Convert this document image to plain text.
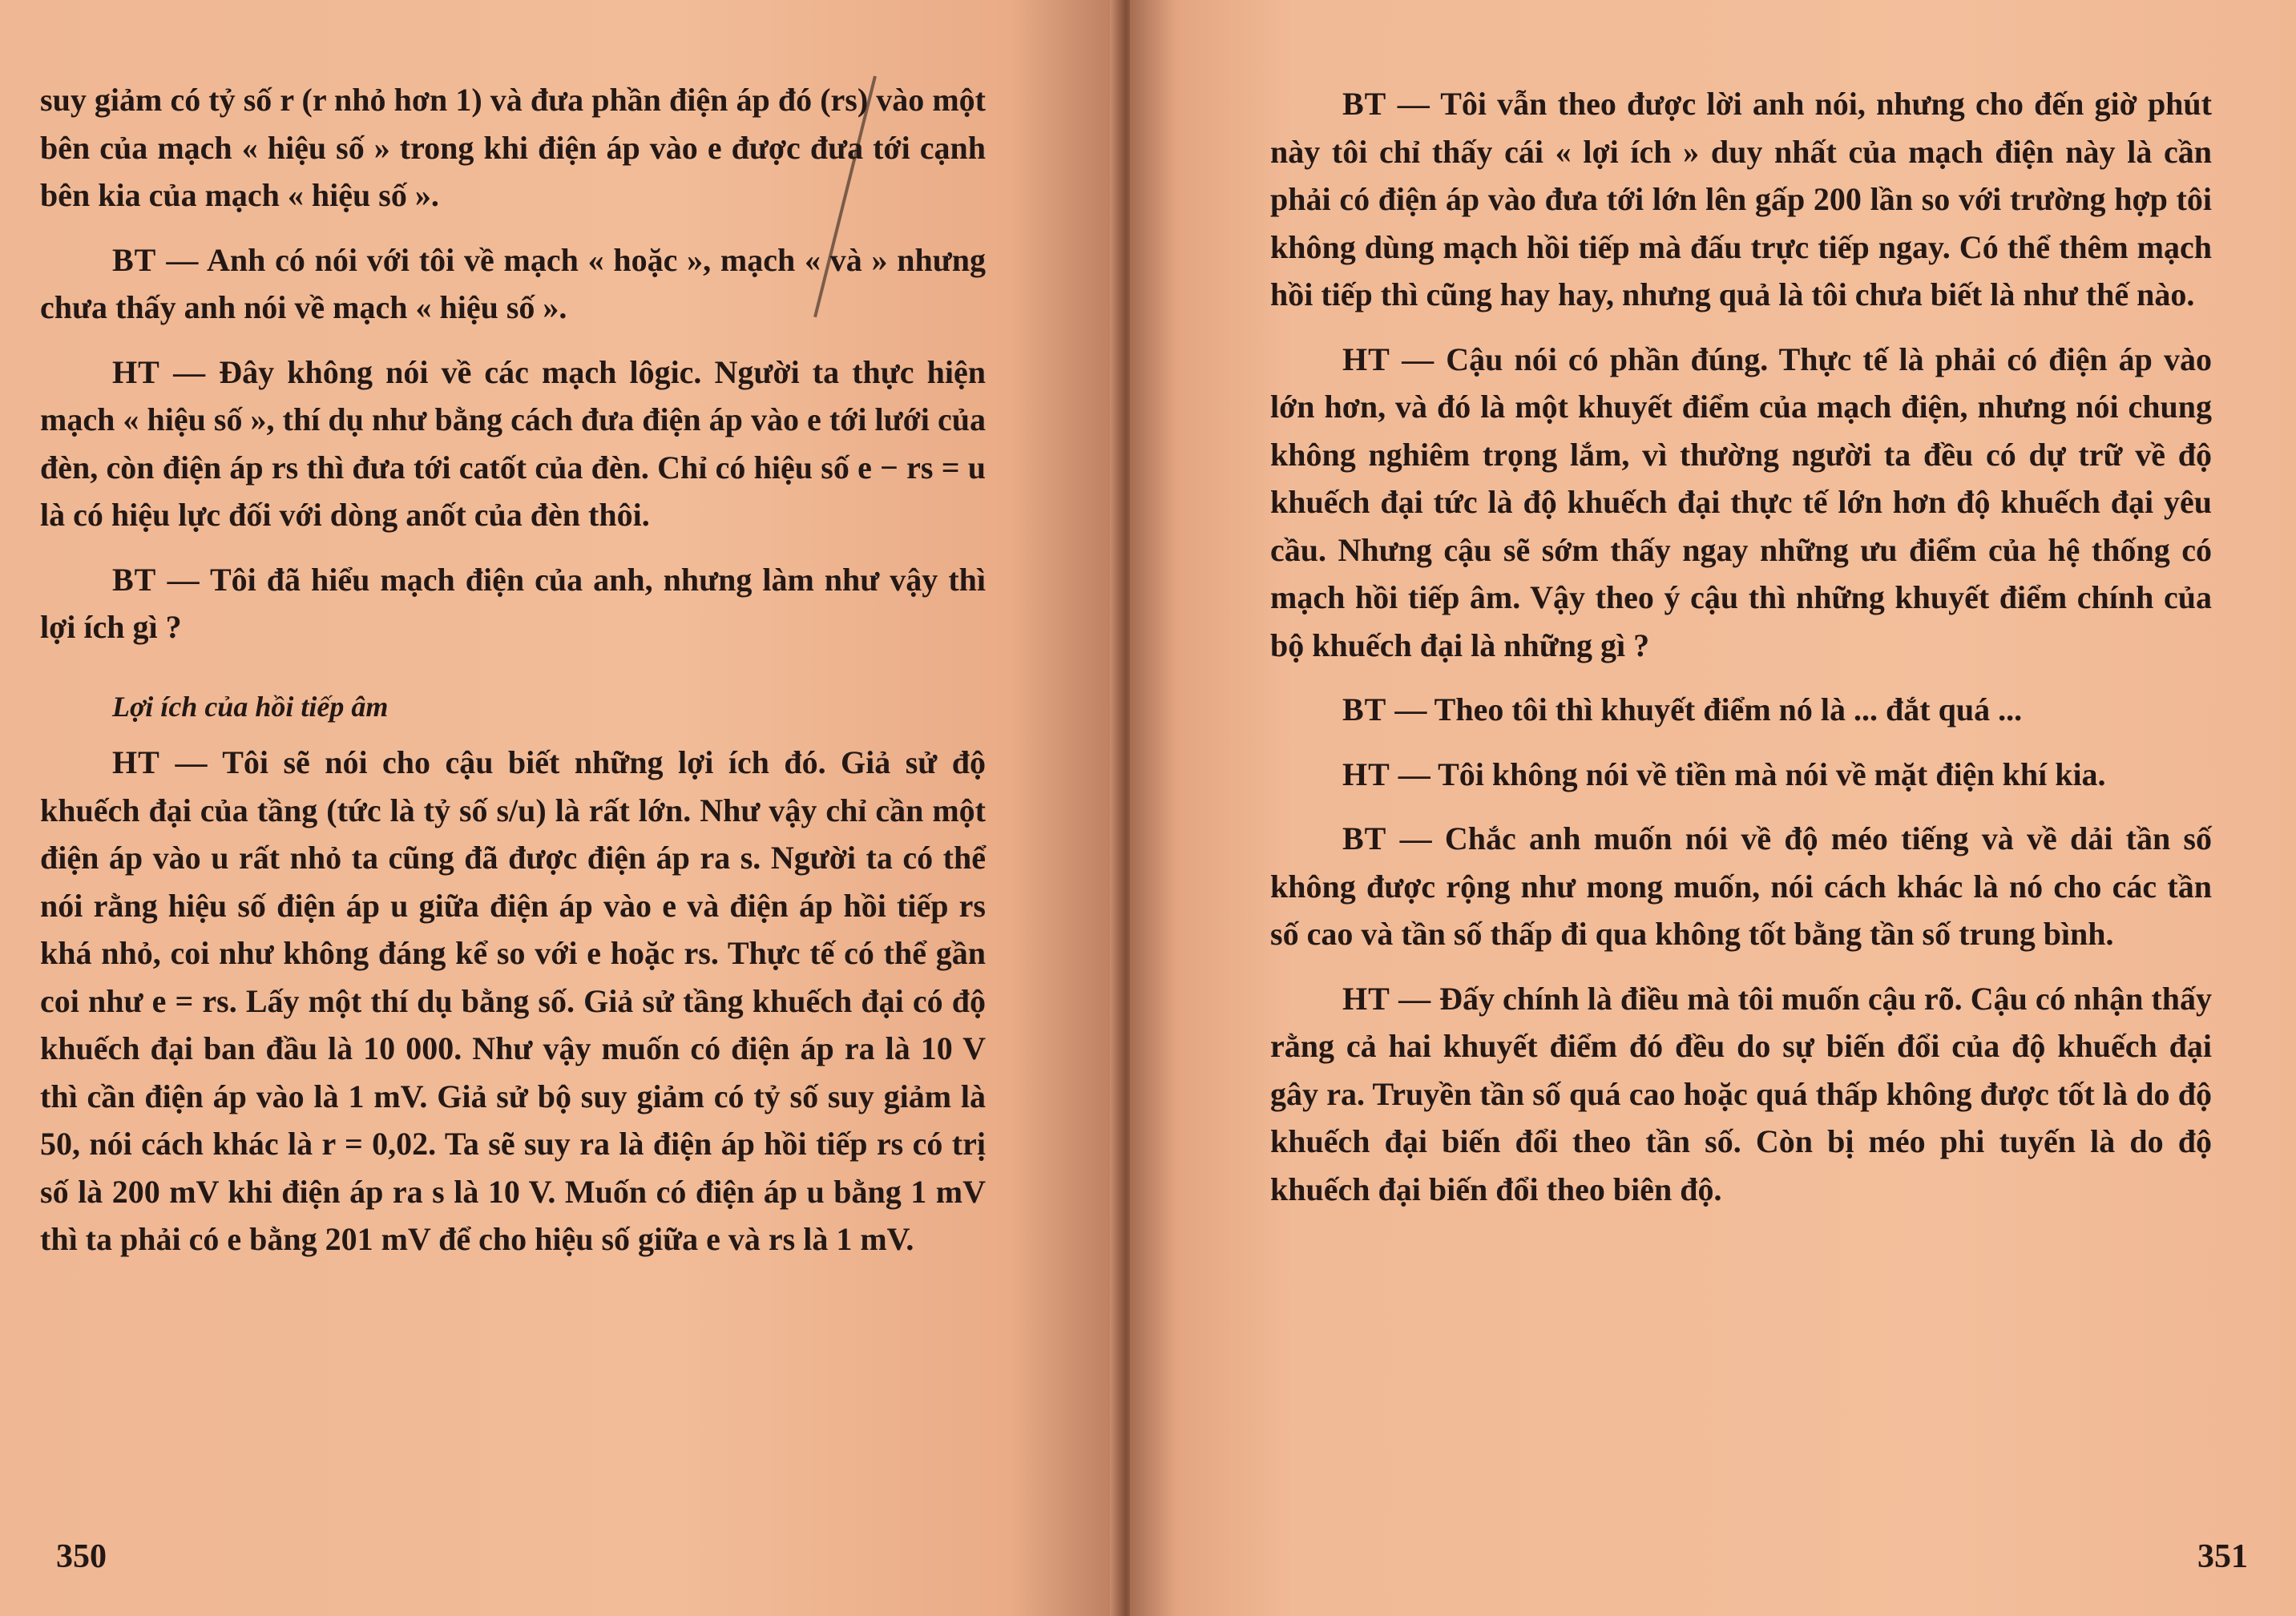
suy giảm có tỷ số r (r nhỏ hơn 1) và đưa phần điện áp đó (rs) vào một bên của mạch « hiệu số » trong khi điện áp vào e được đưa tới cạnh bên kia của mạch « hiệu số ».

BT — Anh có nói với tôi về mạch « hoặc », mạch « và » nhưng chưa thấy anh nói về mạch « hiệu số ».

HT — Đây không nói về các mạch lôgic. Người ta thực hiện mạch « hiệu số », thí dụ như bằng cách đưa điện áp vào e tới lưới của đèn, còn điện áp rs thì đưa tới catốt của đèn. Chỉ có hiệu số e − rs = u là có hiệu lực đối với dòng anốt của đèn thôi.

BT — Tôi đã hiểu mạch điện của anh, nhưng làm như vậy thì lợi ích gì ?

Lợi ích của hồi tiếp âm

HT — Tôi sẽ nói cho cậu biết những lợi ích đó. Giả sử độ khuếch đại của tầng (tức là tỷ số s/u) là rất lớn. Như vậy chỉ cần một điện áp vào u rất nhỏ ta cũng đã được điện áp ra s. Người ta có thể nói rằng hiệu số điện áp u giữa điện áp vào e và điện áp hồi tiếp rs khá nhỏ, coi như không đáng kể so với e hoặc rs. Thực tế có thể gần coi như e = rs. Lấy một thí dụ bằng số. Giả sử tầng khuếch đại có độ khuếch đại ban đầu là 10 000. Như vậy muốn có điện áp ra là 10 V thì cần điện áp vào là 1 mV. Giả sử bộ suy giảm có tỷ số suy giảm là 50, nói cách khác là r = 0,02. Ta sẽ suy ra là điện áp hồi tiếp rs có trị số là 200 mV khi điện áp ra s là 10 V. Muốn có điện áp u bằng 1 mV thì ta phải có e bằng 201 mV để cho hiệu số giữa e và rs là 1 mV.

350

BT — Tôi vẫn theo được lời anh nói, nhưng cho đến giờ phút này tôi chỉ thấy cái « lợi ích » duy nhất của mạch điện này là cần phải có điện áp vào đưa tới lớn lên gấp 200 lần so với trường hợp tôi không dùng mạch hồi tiếp mà đấu trực tiếp ngay. Có thể thêm mạch hồi tiếp thì cũng hay hay, nhưng quả là tôi chưa biết là như thế nào.

HT — Cậu nói có phần đúng. Thực tế là phải có điện áp vào lớn hơn, và đó là một khuyết điểm của mạch điện, nhưng nói chung không nghiêm trọng lắm, vì thường người ta đều có dự trữ về độ khuếch đại tức là độ khuếch đại thực tế lớn hơn độ khuếch đại yêu cầu. Nhưng cậu sẽ sớm thấy ngay những ưu điểm của hệ thống có mạch hồi tiếp âm. Vậy theo ý cậu thì những khuyết điểm chính của bộ khuếch đại là những gì ?

BT — Theo tôi thì khuyết điểm nó là ... đắt quá ...

HT — Tôi không nói về tiền mà nói về mặt điện khí kia.

BT — Chắc anh muốn nói về độ méo tiếng và về dải tần số không được rộng như mong muốn, nói cách khác là nó cho các tần số cao và tần số thấp đi qua không tốt bằng tần số trung bình.

HT — Đấy chính là điều mà tôi muốn cậu rõ. Cậu có nhận thấy rằng cả hai khuyết điểm đó đều do sự biến đổi của độ khuếch đại gây ra. Truyền tần số quá cao hoặc quá thấp không được tốt là do độ khuếch đại biến đổi theo tần số. Còn bị méo phi tuyến là do độ khuếch đại biến đổi theo biên độ.

351
